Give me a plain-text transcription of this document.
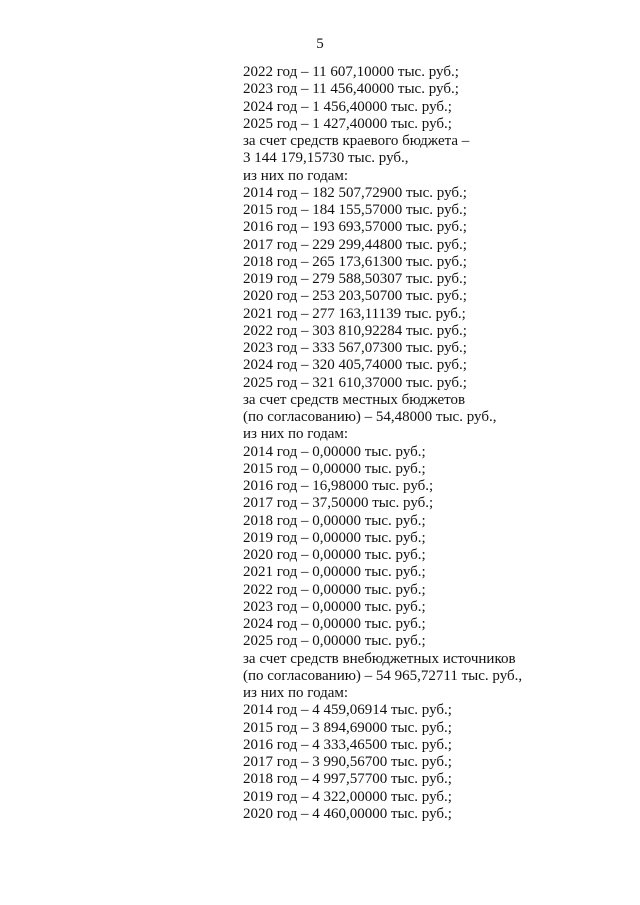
5
2022 год – 11 607,10000 тыс. руб.;
2023 год – 11 456,40000 тыс. руб.;
2024 год – 1 456,40000 тыс. руб.;
2025 год – 1 427,40000 тыс. руб.;
за счет средств краевого бюджета –
3 144 179,15730 тыс. руб.,
из них по годам:
2014 год – 182 507,72900 тыс. руб.;
2015 год – 184 155,57000 тыс. руб.;
2016 год – 193 693,57000 тыс. руб.;
2017 год – 229 299,44800 тыс. руб.;
2018 год – 265 173,61300 тыс. руб.;
2019 год – 279 588,50307 тыс. руб.;
2020 год – 253 203,50700 тыс. руб.;
2021 год – 277 163,11139 тыс. руб.;
2022 год – 303 810,92284 тыс. руб.;
2023 год – 333 567,07300 тыс. руб.;
2024 год – 320 405,74000 тыс. руб.;
2025 год – 321 610,37000 тыс. руб.;
за счет средств местных бюджетов
(по согласованию) – 54,48000 тыс. руб.,
из них по годам:
2014 год – 0,00000 тыс. руб.;
2015 год – 0,00000 тыс. руб.;
2016 год – 16,98000 тыс. руб.;
2017 год – 37,50000 тыс. руб.;
2018 год – 0,00000 тыс. руб.;
2019 год – 0,00000 тыс. руб.;
2020 год – 0,00000 тыс. руб.;
2021 год – 0,00000 тыс. руб.;
2022 год – 0,00000 тыс. руб.;
2023 год – 0,00000 тыс. руб.;
2024 год – 0,00000 тыс. руб.;
2025 год – 0,00000 тыс. руб.;
за счет средств внебюджетных источников
(по согласованию) – 54 965,72711 тыс. руб.,
из них по годам:
2014 год – 4 459,06914 тыс. руб.;
2015 год – 3 894,69000 тыс. руб.;
2016 год – 4 333,46500 тыс. руб.;
2017 год – 3 990,56700 тыс. руб.;
2018 год – 4 997,57700 тыс. руб.;
2019 год – 4 322,00000 тыс. руб.;
2020 год – 4 460,00000 тыс. руб.;
